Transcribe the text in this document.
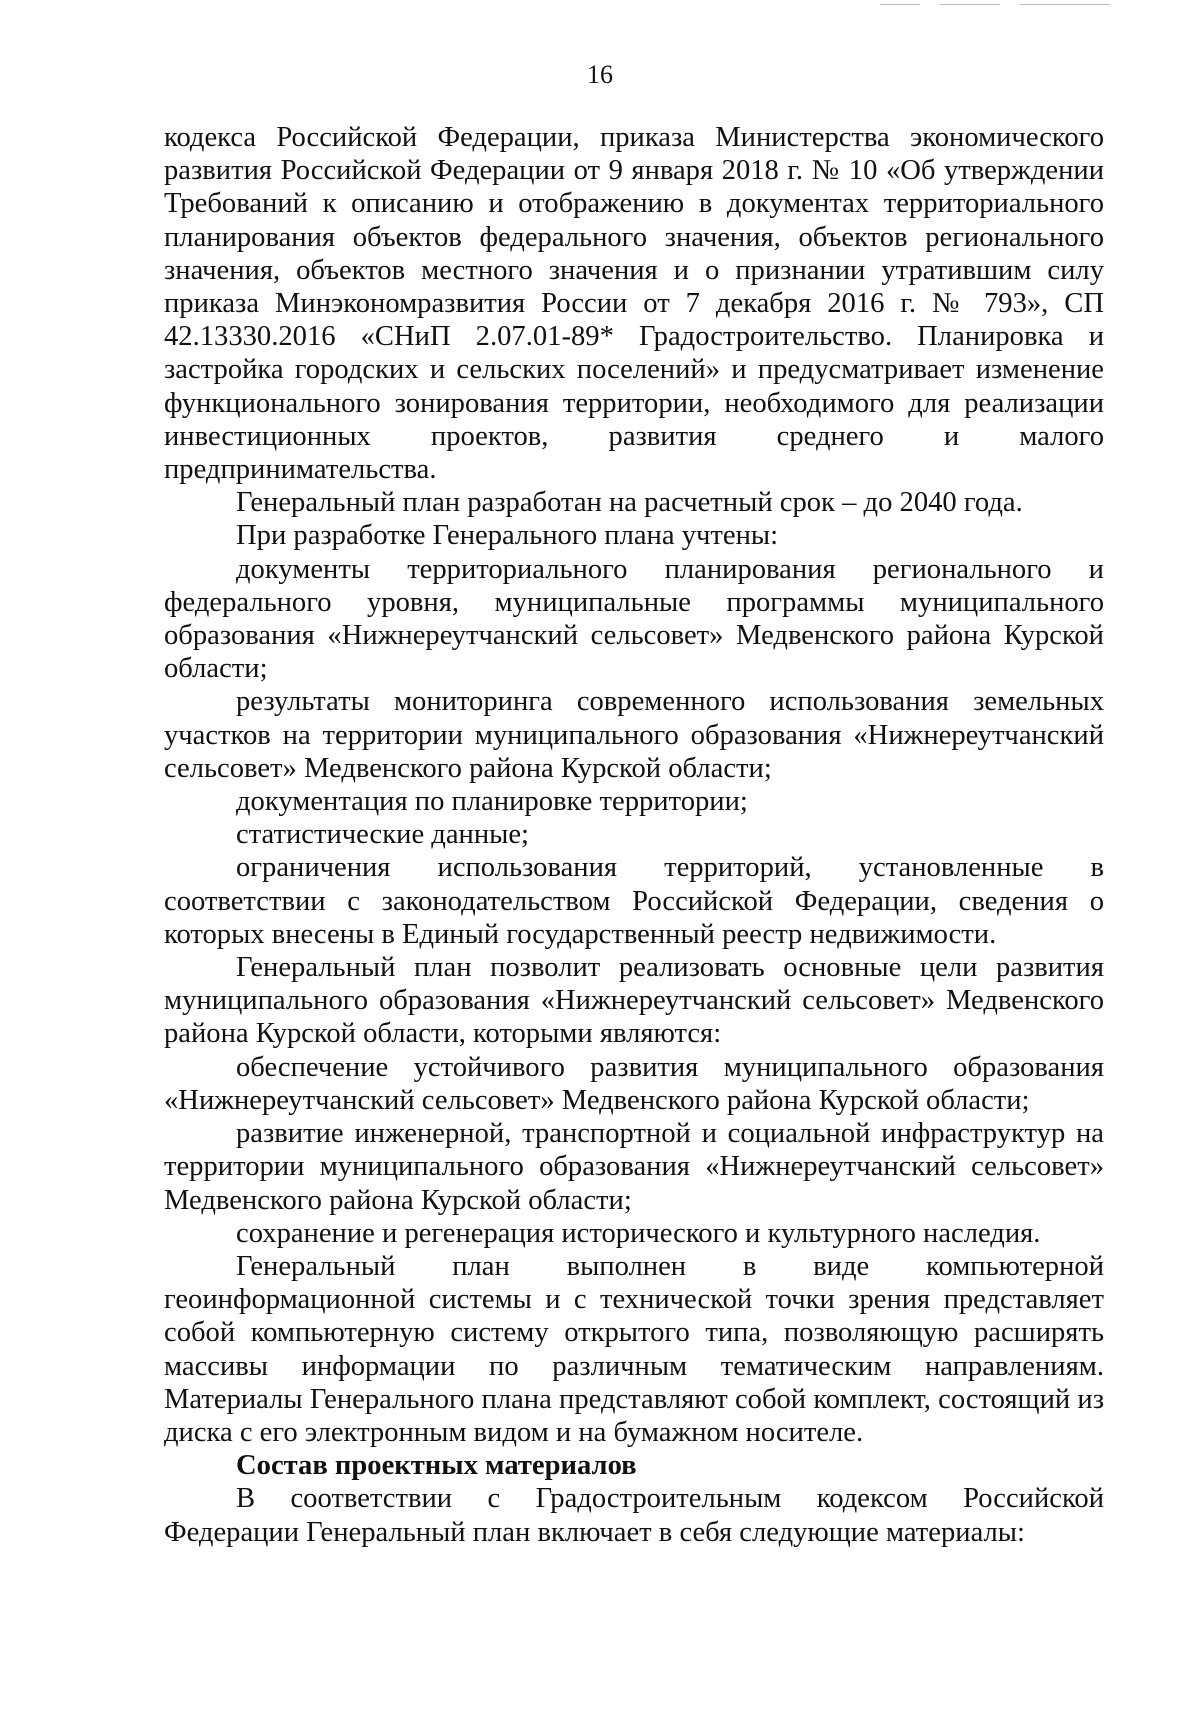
16

кодекса Российской Федерации, приказа Министерства экономического развития Российской Федерации от 9 января 2018 г. № 10 «Об утверждении Требований к описанию и отображению в документах территориального планирования объектов федерального значения, объектов регионального значения, объектов местного значения и о признании утратившим силу приказа Минэкономразвития России от 7 декабря 2016 г. № 793», СП 42.13330.2016 «СНиП 2.07.01-89* Градостроительство. Планировка и застройка городских и сельских поселений» и предусматривает изменение функционального зонирования территории, необходимого для реализации инвестиционных проектов, развития среднего и малого предпринимательства.

Генеральный план разработан на расчетный срок – до 2040 года.

При разработке Генерального плана учтены:

документы территориального планирования регионального и федерального уровня, муниципальные программы муниципального образования «Нижнереутчанский сельсовет» Медвенского района Курской области;

результаты мониторинга современного использования земельных участков на территории муниципального образования «Нижнереутчанский сельсовет» Медвенского района Курской области;

документация по планировке территории;

статистические данные;

ограничения использования территорий, установленные в соответствии с законодательством Российской Федерации, сведения о которых внесены в Единый государственный реестр недвижимости.

Генеральный план позволит реализовать основные цели развития муниципального образования «Нижнереутчанский сельсовет» Медвенского района Курской области, которыми являются:

обеспечение устойчивого развития муниципального образования «Нижнереутчанский сельсовет» Медвенского района Курской области;

развитие инженерной, транспортной и социальной инфраструктур на территории муниципального образования «Нижнереутчанский сельсовет» Медвенского района Курской области;

сохранение и регенерация исторического и культурного наследия.

Генеральный план выполнен в виде компьютерной геоинформационной системы и с технической точки зрения представляет собой компьютерную систему открытого типа, позволяющую расширять массивы информации по различным тематическим направлениям. Материалы Генерального плана представляют собой комплект, состоящий из диска с его электронным видом и на бумажном носителе.

Состав проектных материалов

В соответствии с Градостроительным кодексом Российской Федерации Генеральный план включает в себя следующие материалы:
